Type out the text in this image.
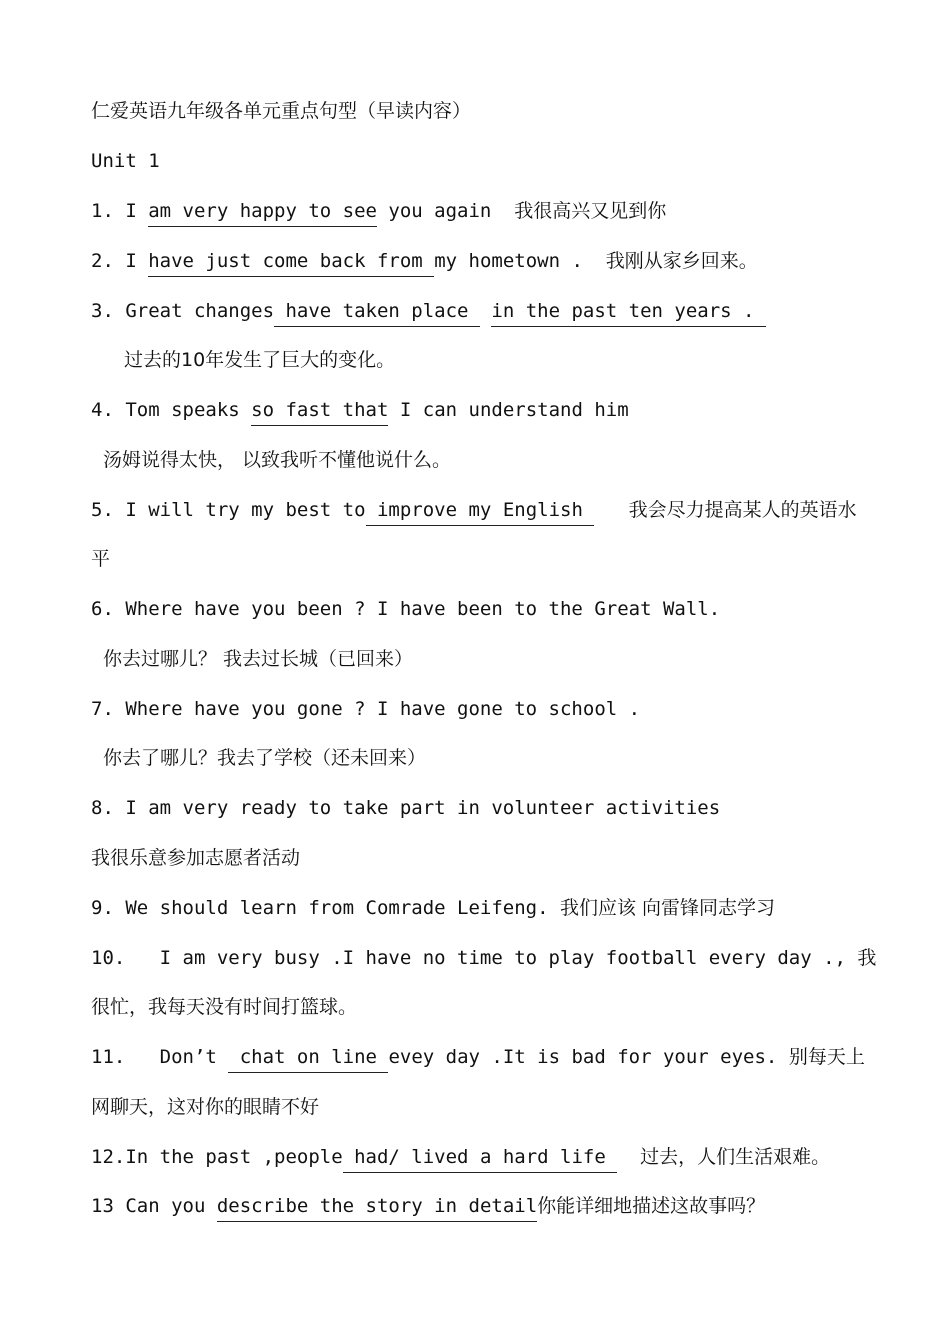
仁爱英语九年级各单元重点句型（早读内容）
Unit 1
1. I am very happy to see you again  我很高兴又见到你
2. I have just come back from my hometown .  我刚从家乡回来。
3. Great changes have taken place  in the past ten years .
过去的10年发生了巨大的变化。
4. Tom speaks so fast that I can understand him
汤姆说得太快， 以致我听不懂他说什么。
5. I will try my best to improve my English    我会尽力提高某人的英语水
平
6. Where have you been ? I have been to the Great Wall.
你去过哪儿？ 我去过长城（已回来）
7. Where have you gone ? I have gone to school .
你去了哪儿？我去了学校（还未回来）
8. I am very ready to take part in volunteer activities
我很乐意参加志愿者活动
9. We should learn from Comrade Leifeng. 我们应该 向雷锋同志学习
10.   I am very busy .I have no time to play football every day ., 我
很忙，我每天没有时间打篮球。
11.   Don’t  chat on line evey day .It is bad for your eyes. 别每天上
网聊天，这对你的眼睛不好
12.In the past ,people had/ lived a hard life   过去，人们生活艰难。
13 Can you describe the story in detail你能详细地描述这故事吗？
